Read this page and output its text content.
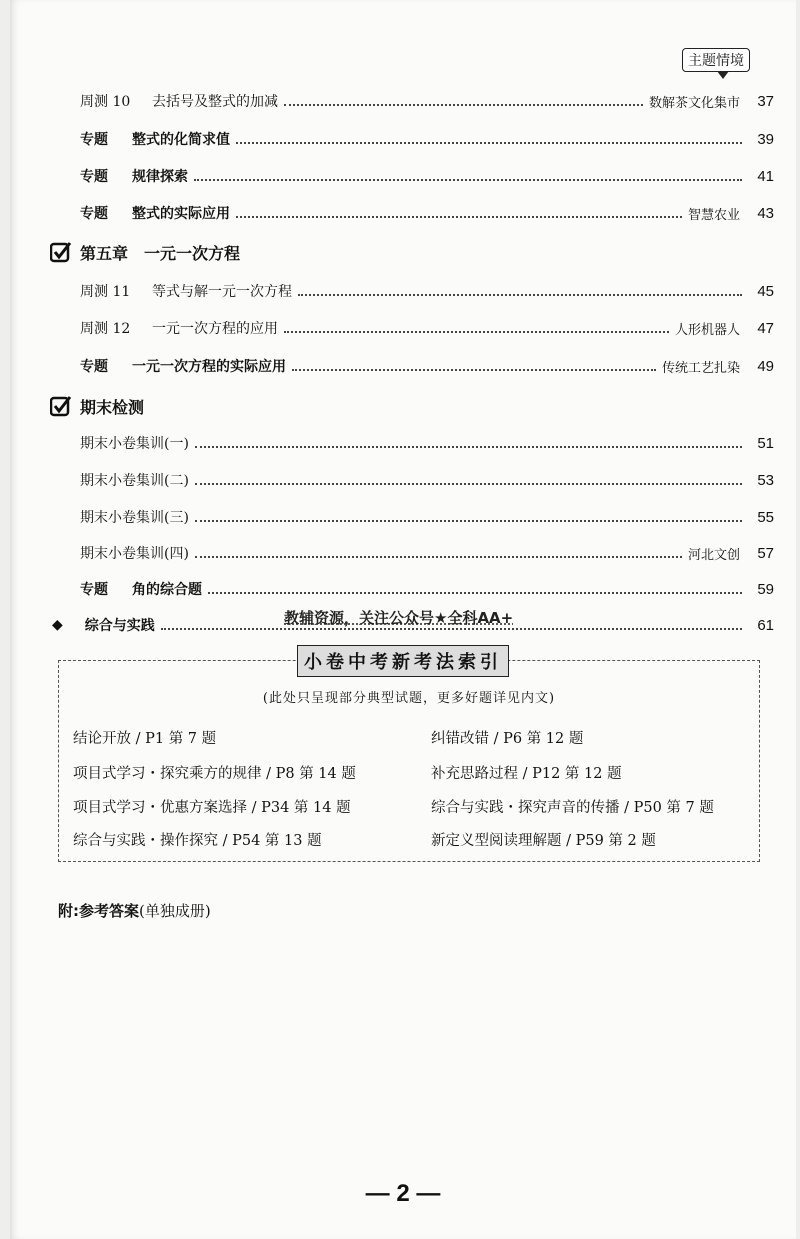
主题情境
周测 10	去括号及整式的加减	数解茶文化集市 37
专题	整式的化简求值	39
专题	规律探索	41
专题	整式的实际应用	智慧农业 43
第五章　一元一次方程
周测 11	等式与解一元一次方程	45
周测 12	一元一次方程的应用	人形机器人 47
专题	一元一次方程的实际应用	传统工艺扎染 49
期末检测
期末小卷集训(一)	51
期末小卷集训(二)	53
期末小卷集训(三)	55
期末小卷集训(四)	河北文创 57
专题	角的综合题	59
◆ 综合与实践	61
教辅资源，关注公众号★全科AA+
小卷中考新考法索引
(此处只呈现部分典型试题，更多好题详见内文)
结论开放 / P1 第 7 题
项目式学习・探究乘方的规律 / P8 第 14 题
项目式学习・优惠方案选择 / P34 第 14 题
综合与实践・操作探究 / P54 第 13 题
纠错改错 / P6 第 12 题
补充思路过程 / P12 第 12 题
综合与实践・探究声音的传播 / P50 第 7 题
新定义型阅读理解题 / P59 第 2 题
附:参考答案(单独成册)
— 2 —
